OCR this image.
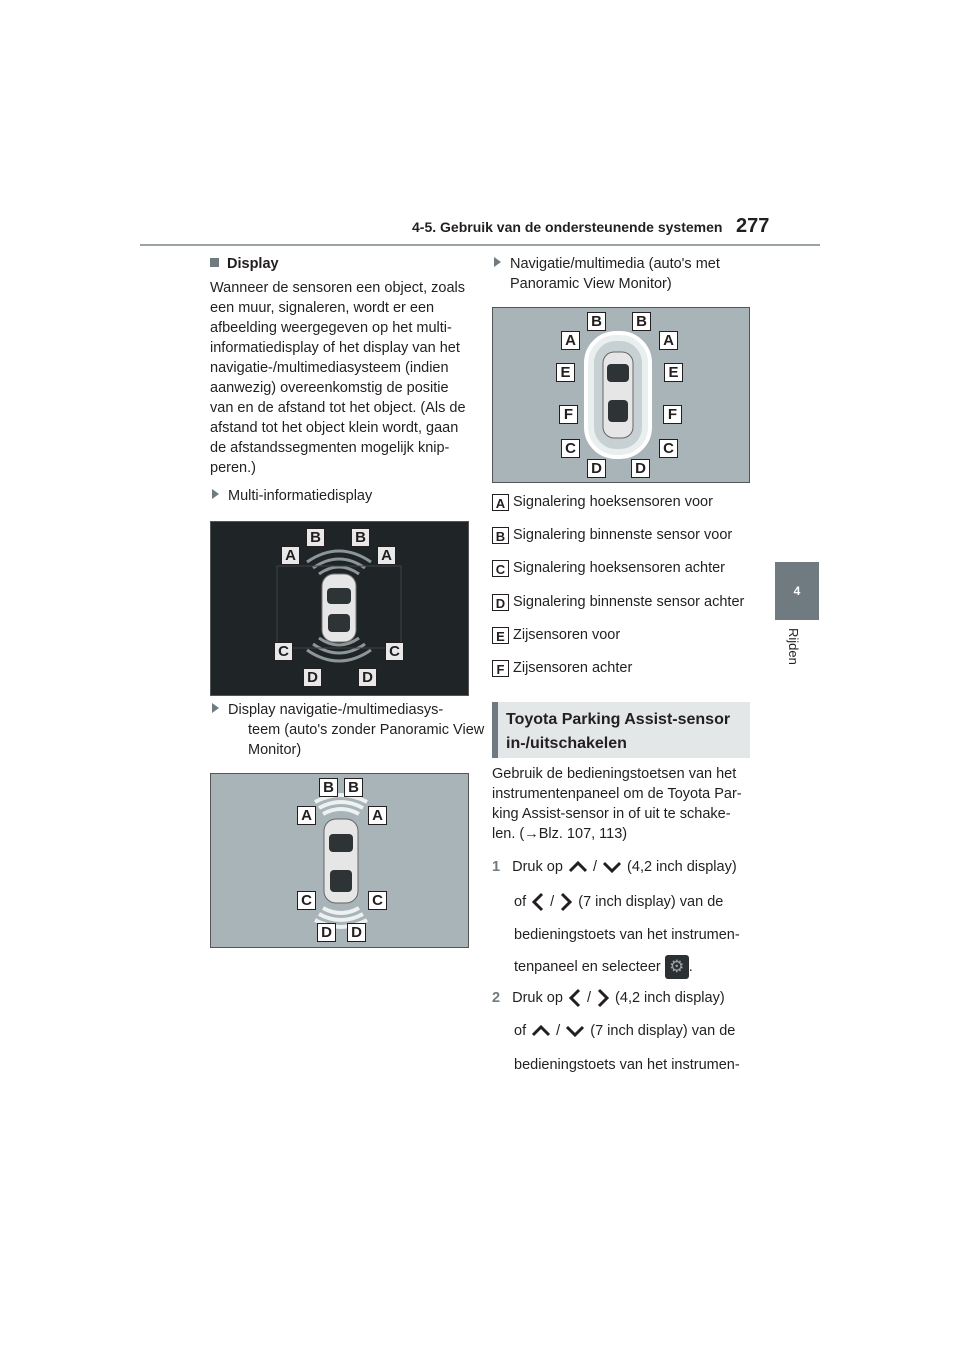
4-5. Gebruik van de ondersteunende systemen 277
4
Rijden
Display
Wanneer de sensoren een object, zoals
een muur, signaleren, wordt er een
afbeelding weergegeven op het multi-
informatiedisplay of het display van het
navigatie-/multimediasysteem (indien
aanwezig) overeenkomstig de positie
van en de afstand tot het object. (Als de
afstand tot het object klein wordt, gaan
de afstandssegmenten mogelijk knip-
peren.)
Multi-informatiedisplay
B B
A	A
C	C
D	D
Display navigatie-/multimediasys-
teem (auto's zonder Panoramic View
Monitor)
B B
A	A
C	C
D D
Navigatie/multimedia (auto's met
Panoramic View Monitor)
B B
A	A
E	E
F	F
C	C
D D
A Signalering hoeksensoren voor
B Signalering binnenste sensor voor
C Signalering hoeksensoren achter
D Signalering binnenste sensor achter
E Zijsensoren voor
F Zijsensoren achter
Toyota Parking Assist-sensor
in-/uitschakelen
Gebruik de bedieningstoetsen van het
instrumentenpaneel om de Toyota Par-
king Assist-sensor in of uit te schake-
len. (→Blz. 107, 113)
1 Druk op / (4,2 inch display)
of / (7 inch display) van de
bedieningstoets van het instrumen-
tenpaneel en selecteer ⚙ .
2 Druk op / (4,2 inch display)
of / (7 inch display) van de
bedieningstoets van het instrumen-
